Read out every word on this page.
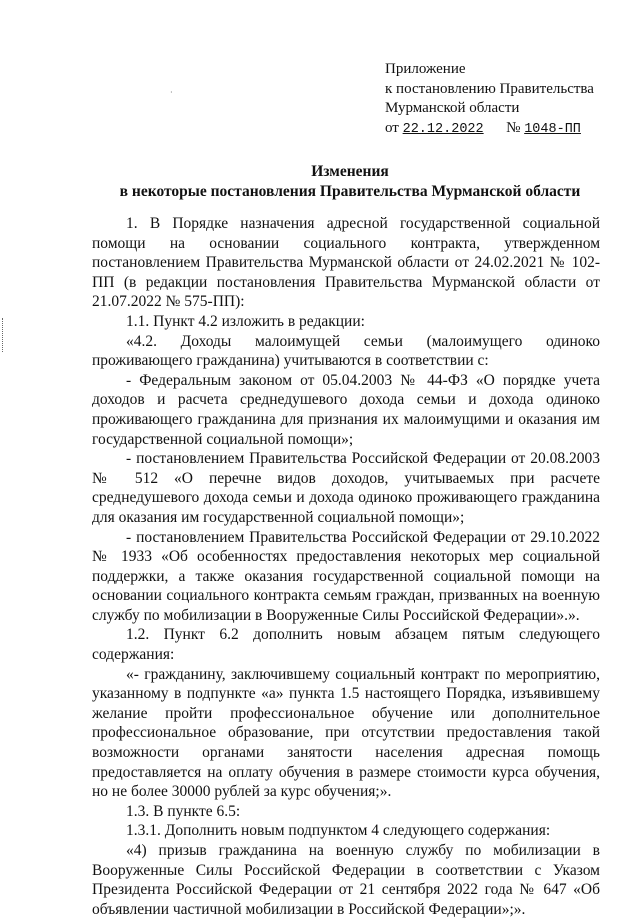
·
Приложение
к постановлению Правительства
Мурманской области
от 22.12.2022 № 1048-ПП
Изменения
в некоторые постановления Правительства Мурманской области

1. В Порядке назначения адресной государственной социальной помощи на основании социального контракта, утвержденном постановлением Правительства Мурманской области от 24.02.2021 № 102-ПП (в редакции постановления Правительства Мурманской области от 21.07.2022 № 575-ПП):

1.1. Пункт 4.2 изложить в редакции:

«4.2. Доходы малоимущей семьи (малоимущего одиноко проживающего гражданина) учитываются в соответствии с:

- Федеральным законом от 05.04.2003 № 44-ФЗ «О порядке учета доходов и расчета среднедушевого дохода семьи и дохода одиноко проживающего гражданина для признания их малоимущими и оказания им государственной социальной помощи»;

- постановлением Правительства Российской Федерации от 20.08.2003 № 512 «О перечне видов доходов, учитываемых при расчете среднедушевого дохода семьи и дохода одиноко проживающего гражданина для оказания им государственной социальной помощи»;

- постановлением Правительства Российской Федерации от 29.10.2022 № 1933 «Об особенностях предоставления некоторых мер социальной поддержки, а также оказания государственной социальной помощи на основании социального контракта семьям граждан, призванных на военную службу по мобилизации в Вооруженные Силы Российской Федерации».».

1.2. Пункт 6.2 дополнить новым абзацем пятым следующего содержания:

«- гражданину, заключившему социальный контракт по мероприятию, указанному в подпункте «а» пункта 1.5 настоящего Порядка, изъявившему желание пройти профессиональное обучение или дополнительное профессиональное образование, при отсутствии предоставления такой возможности органами занятости населения адресная помощь предоставляется на оплату обучения в размере стоимости курса обучения, но не более 30000 рублей за курс обучения;».

1.3. В пункте 6.5:

1.3.1. Дополнить новым подпунктом 4 следующего содержания:

«4) призыв гражданина на военную службу по мобилизации в Вооруженные Силы Российской Федерации в соответствии с Указом Президента Российской Федерации от 21 сентября 2022 года № 647 «Об объявлении частичной мобилизации в Российской Федерации»;».
